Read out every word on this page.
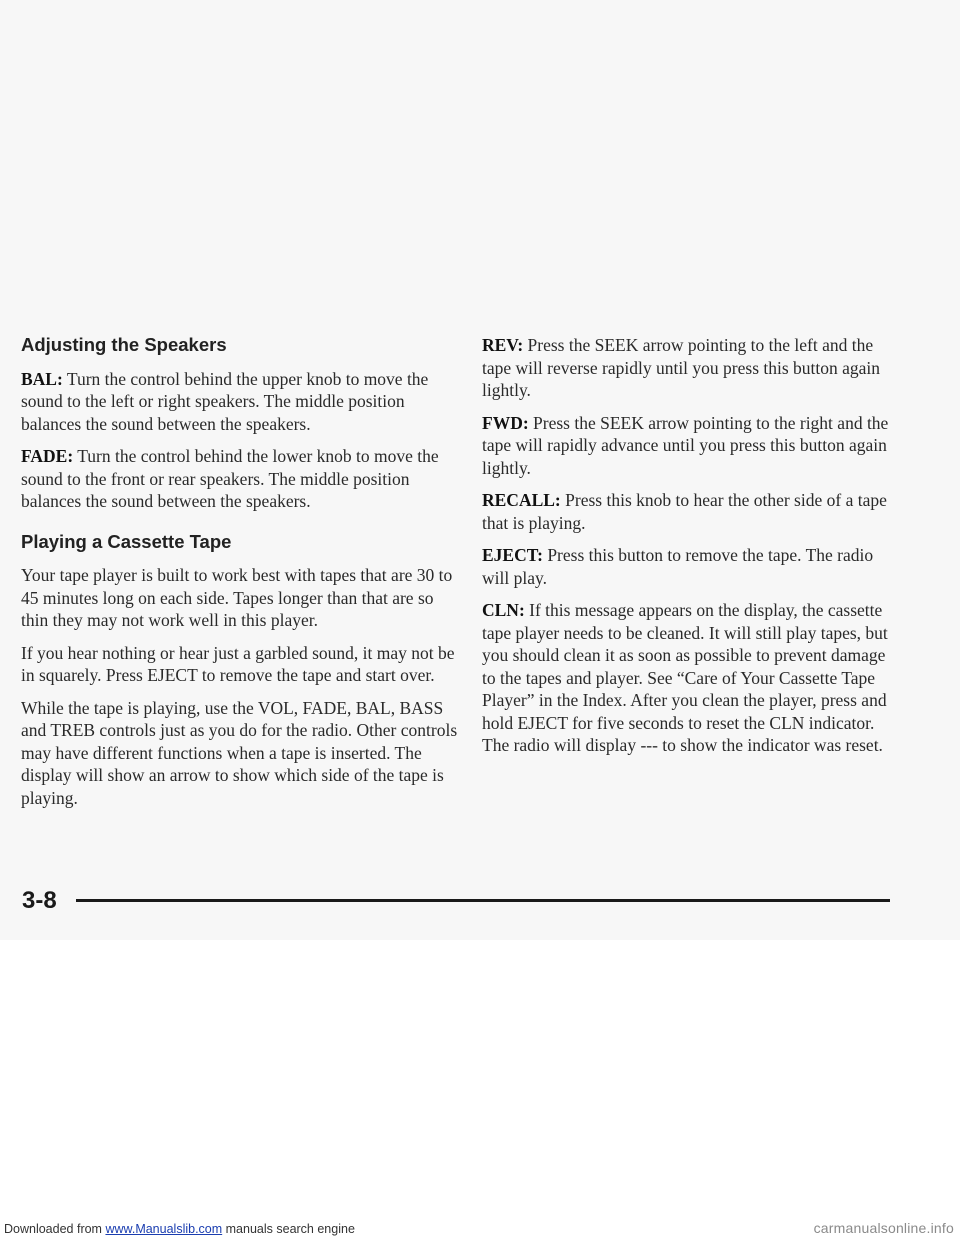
Adjusting the Speakers

BAL: Turn the control behind the upper knob to move the sound to the left or right speakers. The middle position balances the sound between the speakers.

FADE: Turn the control behind the lower knob to move the sound to the front or rear speakers. The middle position balances the sound between the speakers.

Playing a Cassette Tape

Your tape player is built to work best with tapes that are 30 to 45 minutes long on each side. Tapes longer than that are so thin they may not work well in this player.

If you hear nothing or hear just a garbled sound, it may not be in squarely. Press EJECT to remove the tape and start over.

While the tape is playing, use the VOL, FADE, BAL, BASS and TREB controls just as you do for the radio. Other controls may have different functions when a tape is inserted. The display will show an arrow to show which side of the tape is playing.

REV: Press the SEEK arrow pointing to the left and the tape will reverse rapidly until you press this button again lightly.

FWD: Press the SEEK arrow pointing to the right and the tape will rapidly advance until you press this button again lightly.

RECALL: Press this knob to hear the other side of a tape that is playing.

EJECT: Press this button to remove the tape. The radio will play.

CLN: If this message appears on the display, the cassette tape player needs to be cleaned. It will still play tapes, but you should clean it as soon as possible to prevent damage to the tapes and player. See “Care of Your Cassette Tape Player” in the Index. After you clean the player, press and hold EJECT for five seconds to reset the CLN indicator. The radio will display --- to show the indicator was reset.

3-8
Downloaded from www.Manualslib.com manuals search engine	carmanualsonline.info
